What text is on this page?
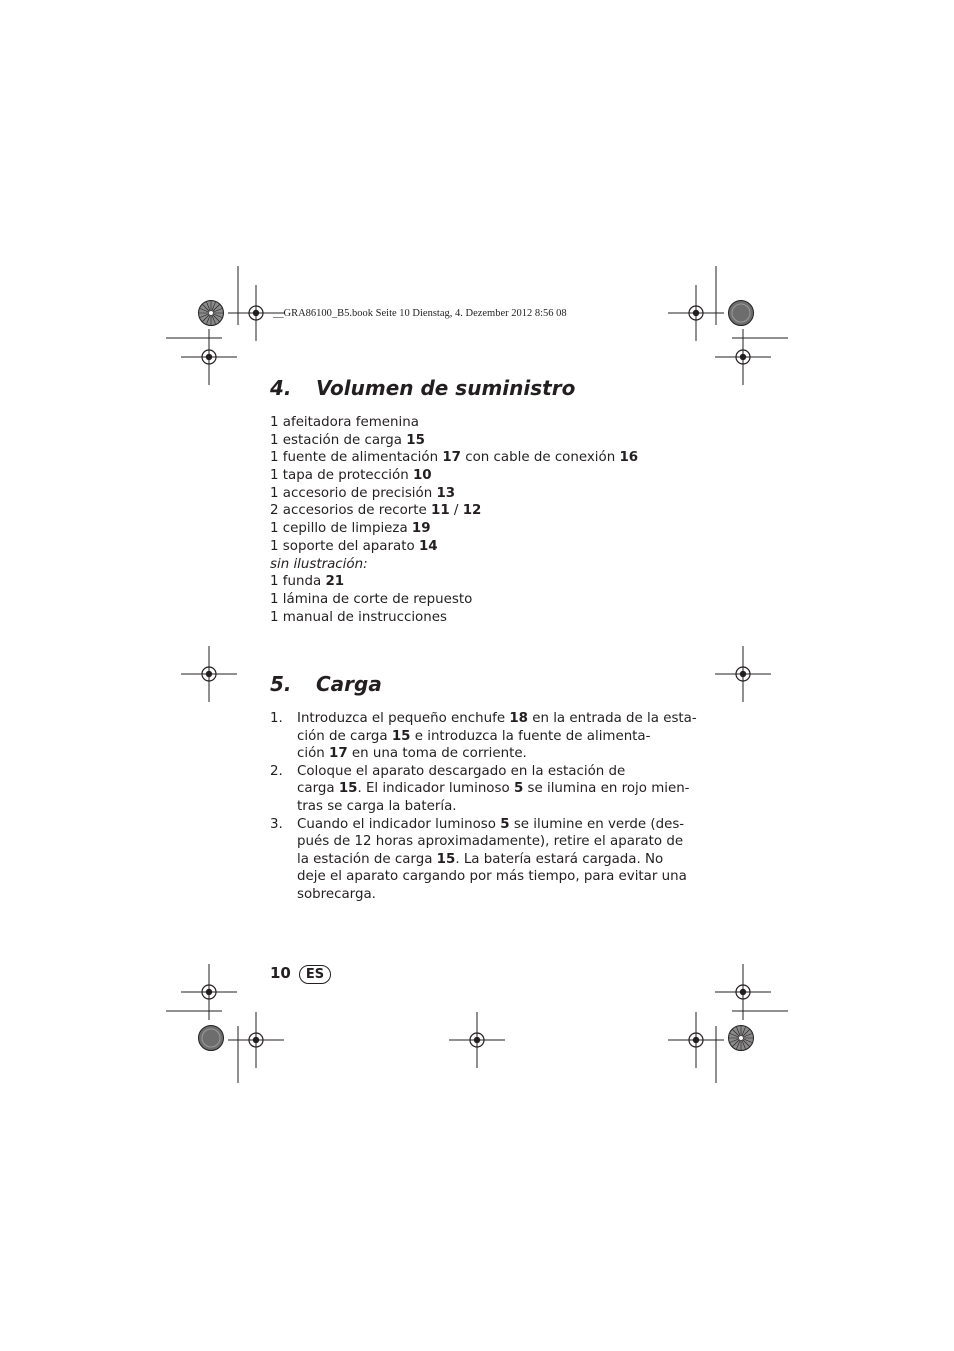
__GRA86100_B5.book Seite 10 Dienstag, 4. Dezember 2012 8:56 08
4. Volumen de suministro
1 afeitadora femenina
1 estación de carga 15
1 fuente de alimentación 17 con cable de conexión 16
1 tapa de protección 10
1 accesorio de precisión 13
2 accesorios de recorte 11 / 12
1 cepillo de limpieza 19
1 soporte del aparato 14
sin ilustración:
1 funda 21
1 lámina de corte de repuesto
1 manual de instrucciones
5. Carga
1. Introduzca el pequeño enchufe 18 en la entrada de la esta-
ción de carga 15 e introduzca la fuente de alimenta-
ción 17 en una toma de corriente.
2. Coloque el aparato descargado en la estación de
carga 15. El indicador luminoso 5 se ilumina en rojo mien-
tras se carga la batería.
3. Cuando el indicador luminoso 5 se ilumine en verde (des-
pués de 12 horas aproximadamente), retire el aparato de
la estación de carga 15. La batería estará cargada. No
deje el aparato cargando por más tiempo, para evitar una
sobrecarga.
10 ES
